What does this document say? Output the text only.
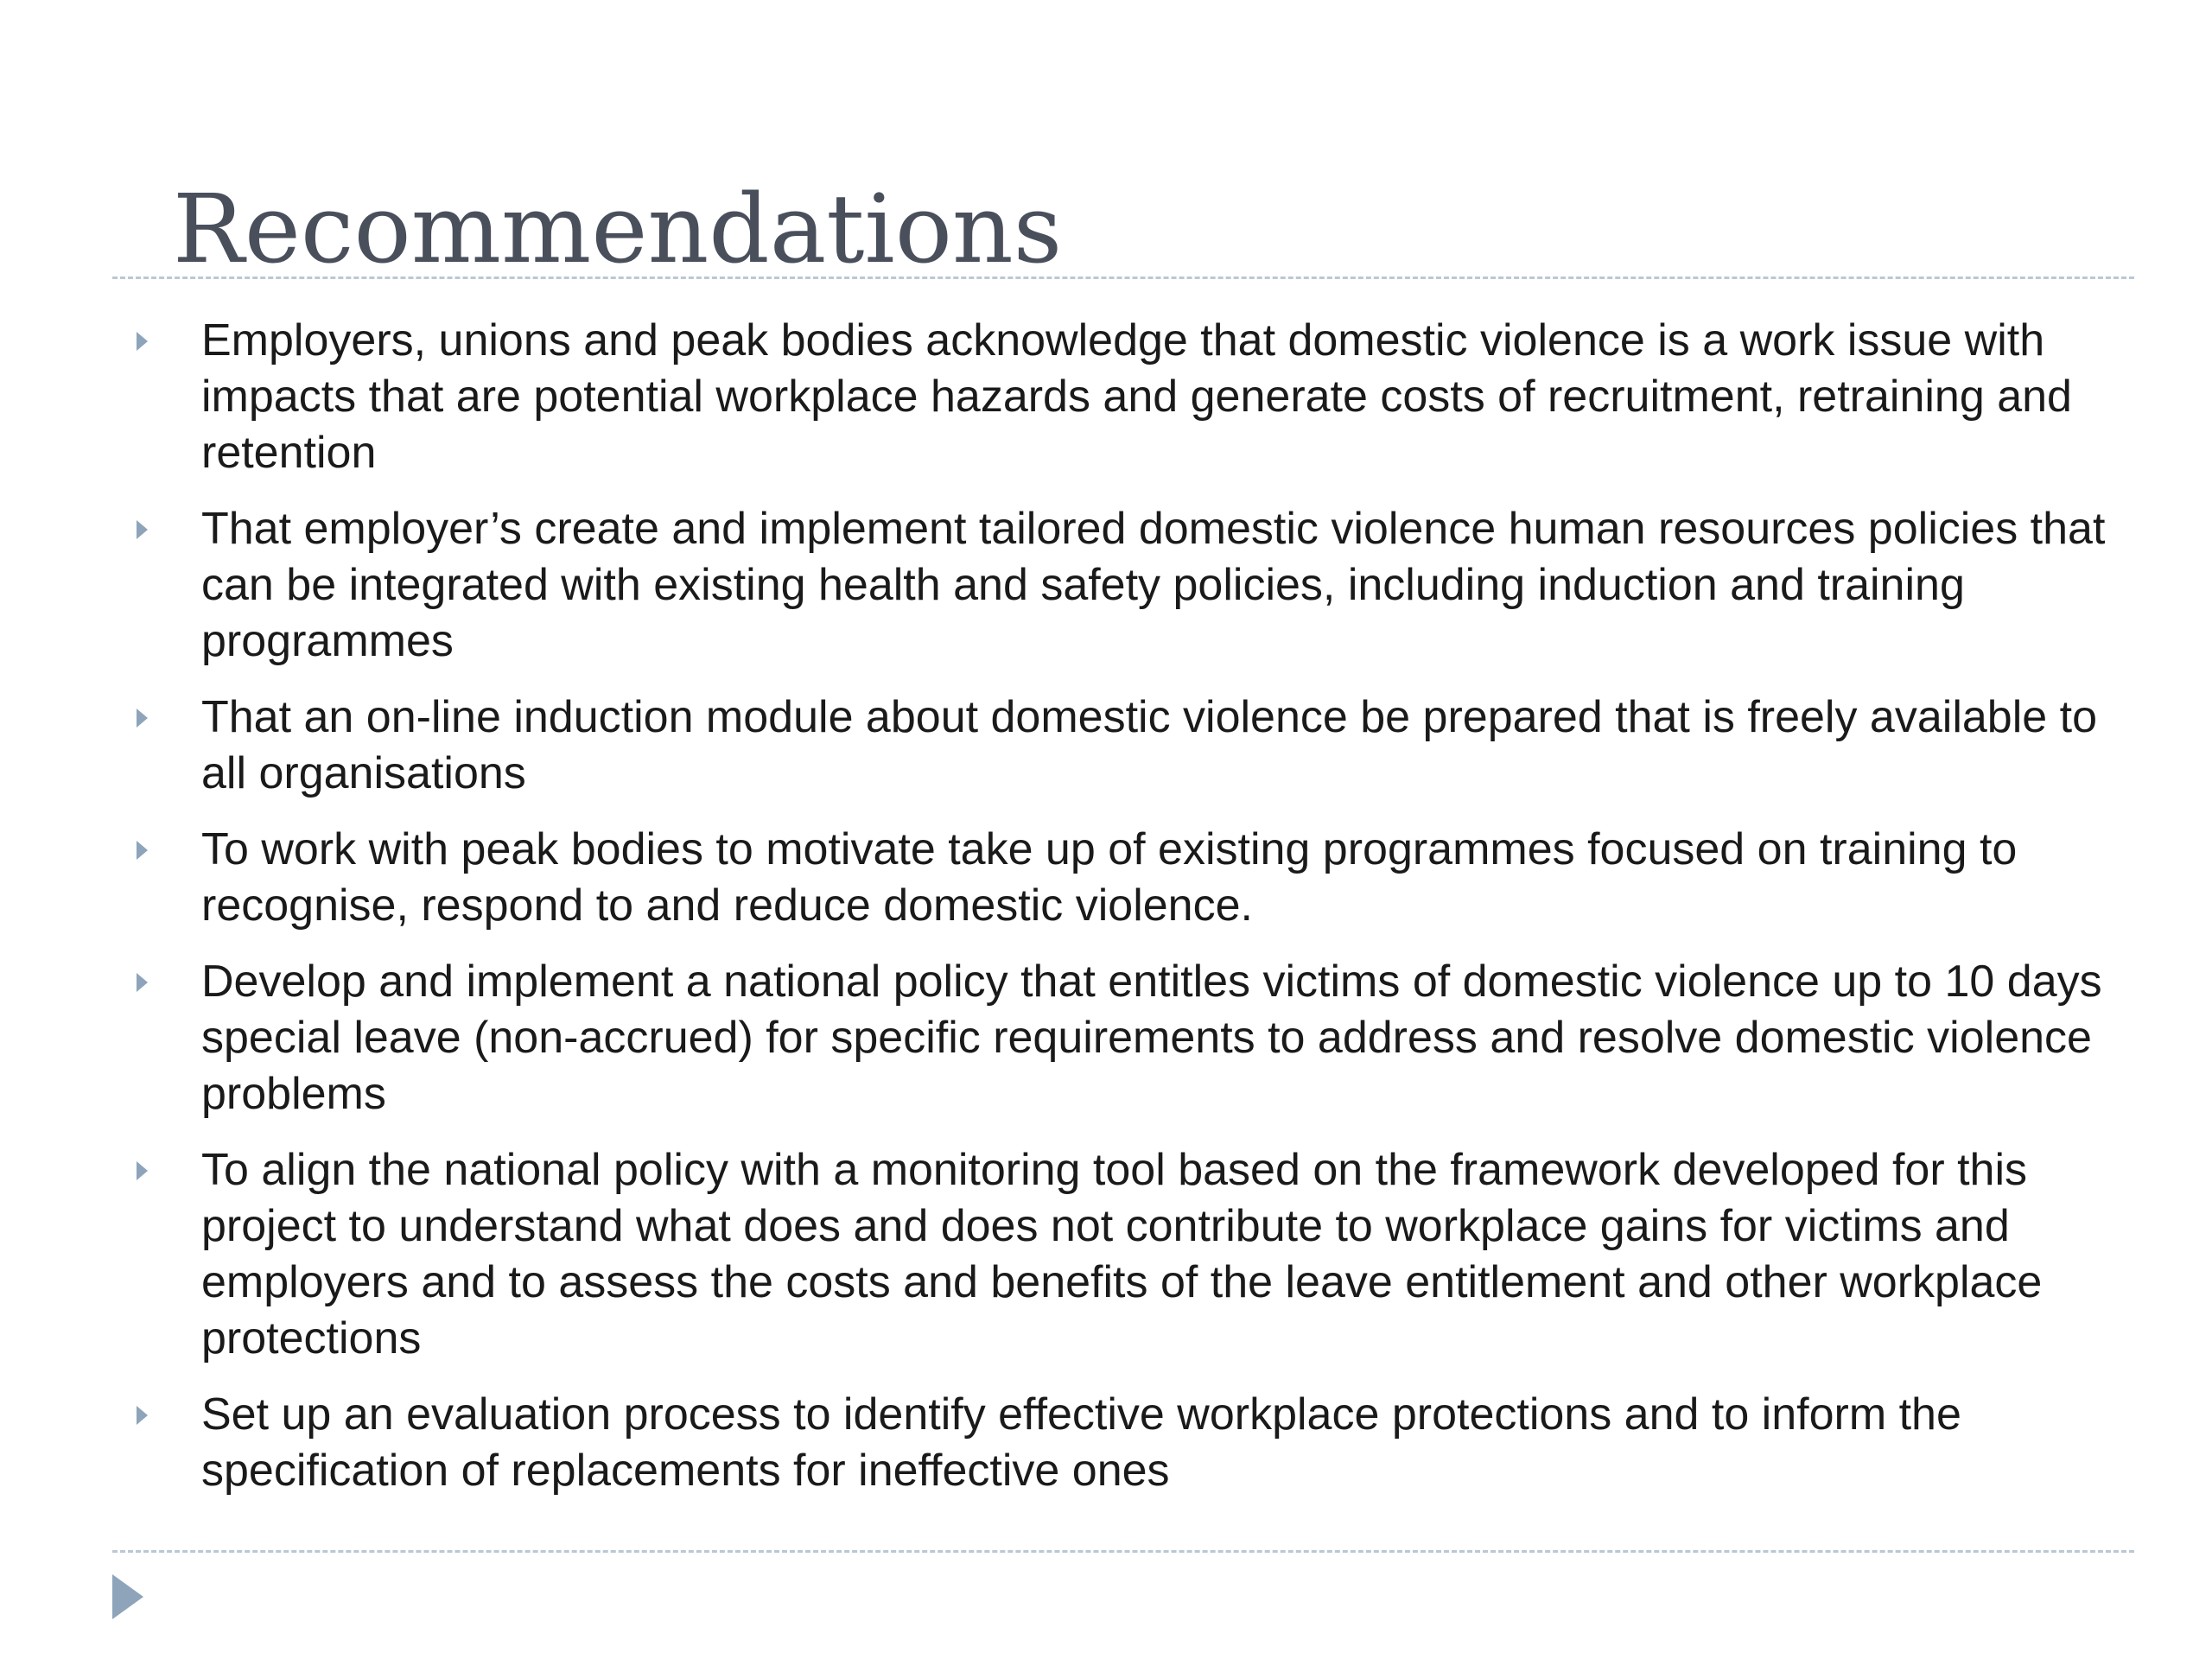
Recommendations
Employers, unions and peak bodies acknowledge that domestic violence is a work issue with impacts that are potential workplace hazards and generate costs of recruitment, retraining and retention
That employer’s create and implement tailored domestic violence human resources policies that can be integrated with existing health and safety policies, including induction and training programmes
That an on-line induction module about domestic violence be prepared that is freely available to all organisations
To work with peak bodies to motivate take up of existing programmes focused on training to recognise, respond to and reduce domestic violence.
Develop and implement a national policy that entitles victims of domestic violence up to 10 days special leave (non-accrued) for specific requirements to address and resolve domestic violence problems
To align the national policy with a monitoring tool based on the framework developed for this project to understand what does and does not contribute to workplace gains for victims and employers and to assess the costs and benefits of the leave entitlement and other workplace protections
Set up an evaluation process to identify effective workplace protections and to inform the specification of replacements for ineffective ones
